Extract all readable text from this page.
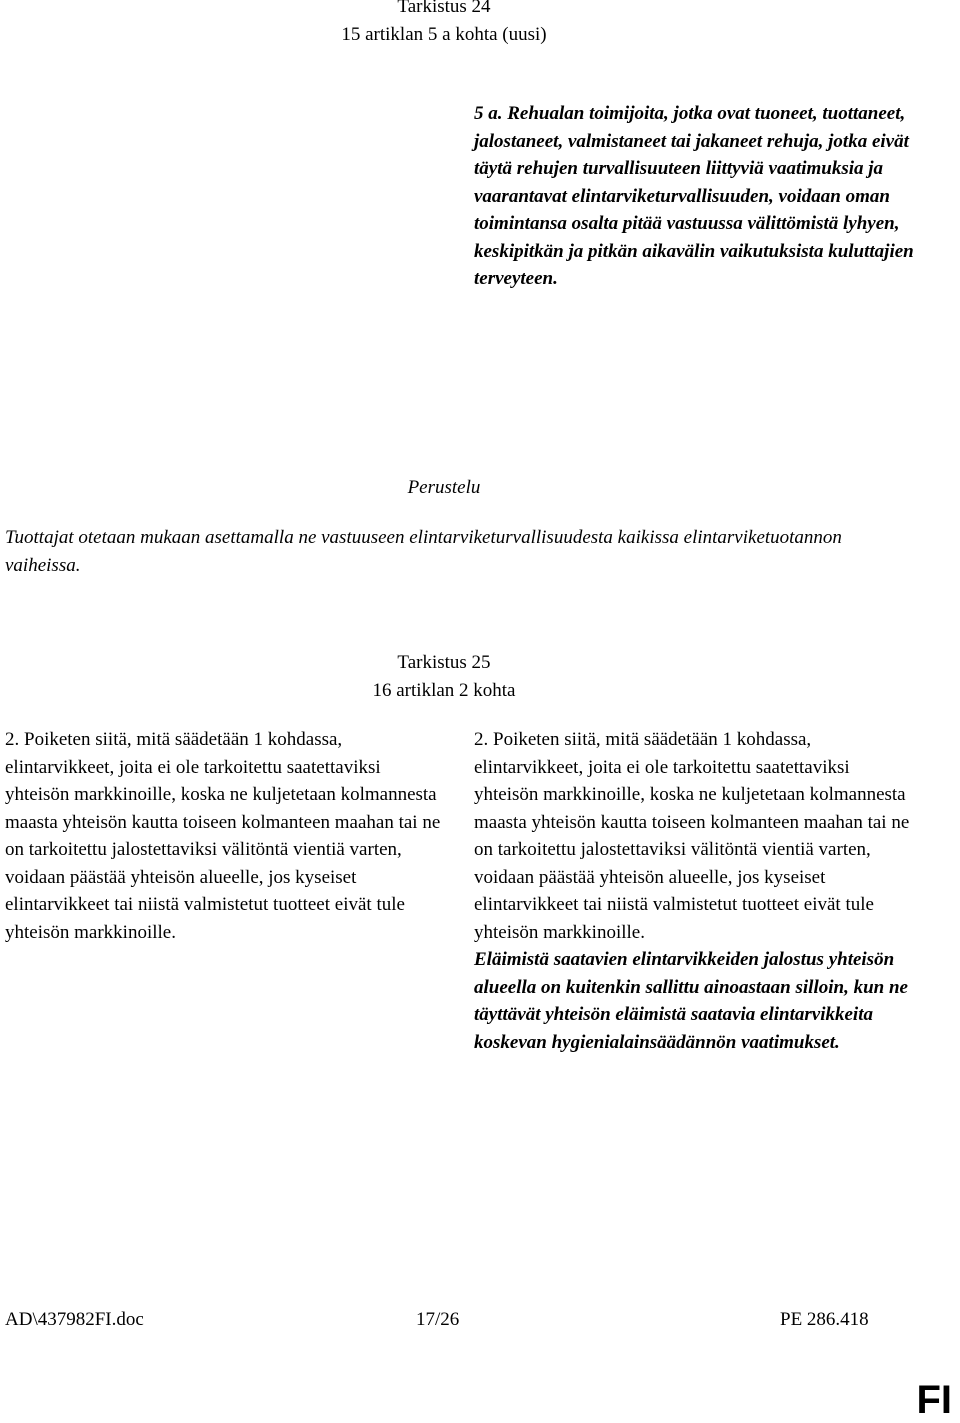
Tarkistus 24

15 artiklan 5 a kohta (uusi)

5 a. Rehualan toimijoita, jotka ovat tuoneet, tuottaneet, jalostaneet, valmistaneet tai jakaneet rehuja, jotka eivät täytä rehujen turvallisuuteen liittyviä vaatimuksia ja vaarantavat elintarviketurvallisuuden, voidaan oman toimintansa osalta pitää vastuussa välittömistä lyhyen, keskipitkän ja pitkän aikavälin vaikutuksista kuluttajien terveyteen.

Perustelu

Tuottajat otetaan mukaan asettamalla ne vastuuseen elintarviketurvallisuudesta kaikissa elintarviketuotannon vaiheissa.

Tarkistus 25

16 artiklan 2 kohta

2. Poiketen siitä, mitä säädetään 1 kohdassa, elintarvikkeet, joita ei ole tarkoitettu saatettaviksi yhteisön markkinoille, koska ne kuljetetaan kolmannesta maasta yhteisön kautta toiseen kolmanteen maahan tai ne on tarkoitettu jalostettaviksi välitöntä vientiä varten, voidaan päästää yhteisön alueelle, jos kyseiset elintarvikkeet tai niistä valmistetut tuotteet eivät tule yhteisön markkinoille.

2. Poiketen siitä, mitä säädetään 1 kohdassa, elintarvikkeet, joita ei ole tarkoitettu saatettaviksi yhteisön markkinoille, koska ne kuljetetaan kolmannesta maasta yhteisön kautta toiseen kolmanteen maahan tai ne on tarkoitettu jalostettaviksi välitöntä vientiä varten, voidaan päästää yhteisön alueelle, jos kyseiset elintarvikkeet tai niistä valmistetut tuotteet eivät tule yhteisön markkinoille.

Eläimistä saatavien elintarvikkeiden jalostus yhteisön alueella on kuitenkin sallittu ainoastaan silloin, kun ne täyttävät yhteisön eläimistä saatavia elintarvikkeita koskevan hygienialainsäädännön vaatimukset.

AD\437982FI.doc	17/26	PE 286.418
FI
